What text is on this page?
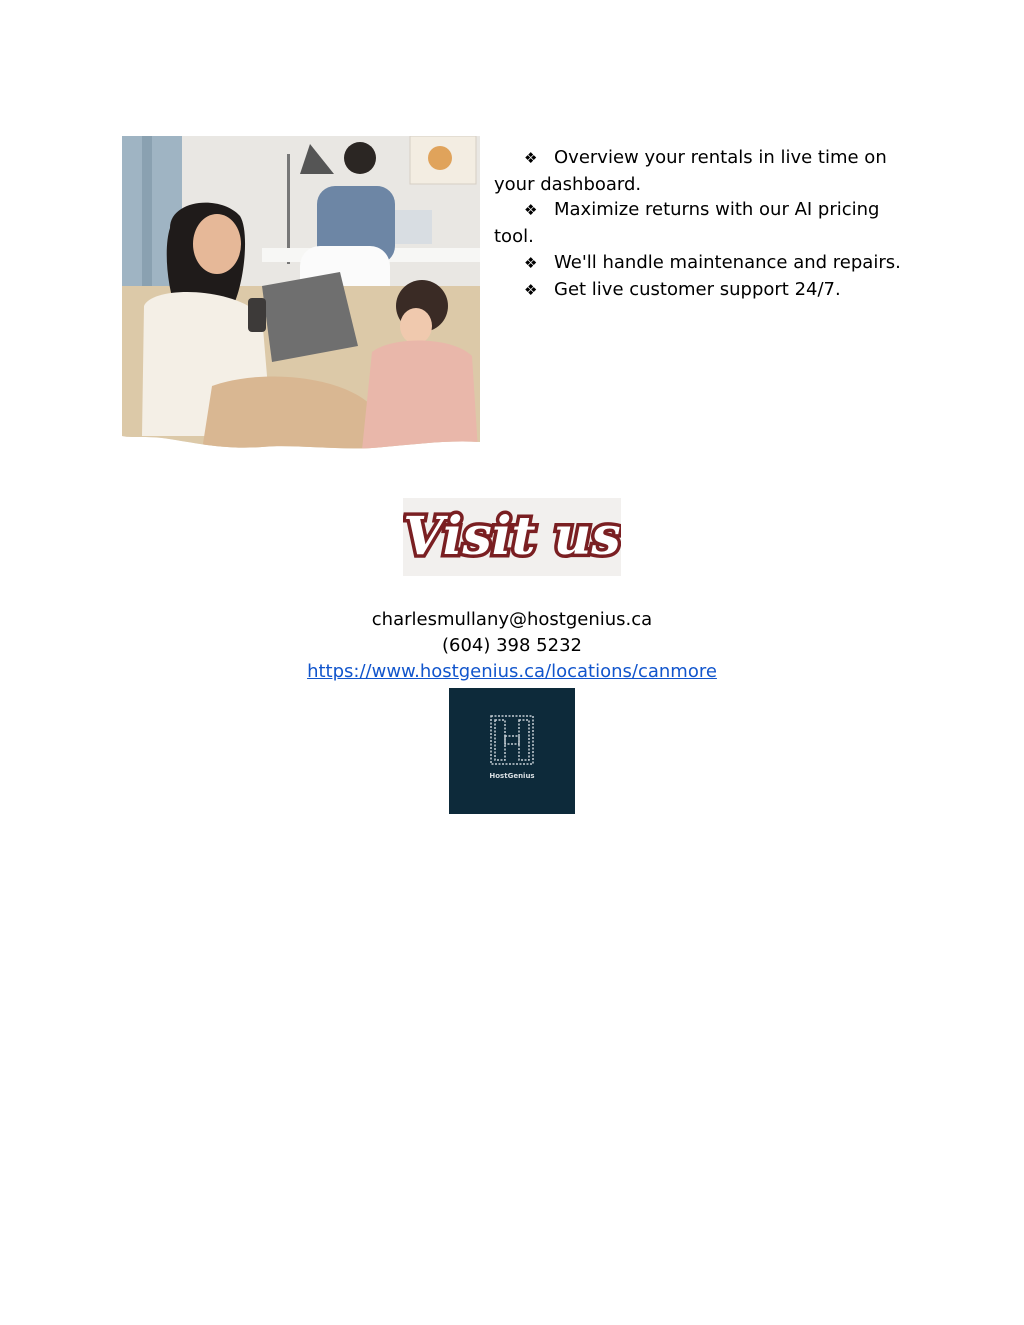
❖ Overview your rentals in live time on your dashboard.
❖ Maximize returns with our AI pricing tool.
❖ We'll handle maintenance and repairs.
❖ Get live customer support 24/7.
Visit us
charlesmullany@hostgenius.ca
(604) 398 5232
https://www.hostgenius.ca/locations/canmore
HostGenius
